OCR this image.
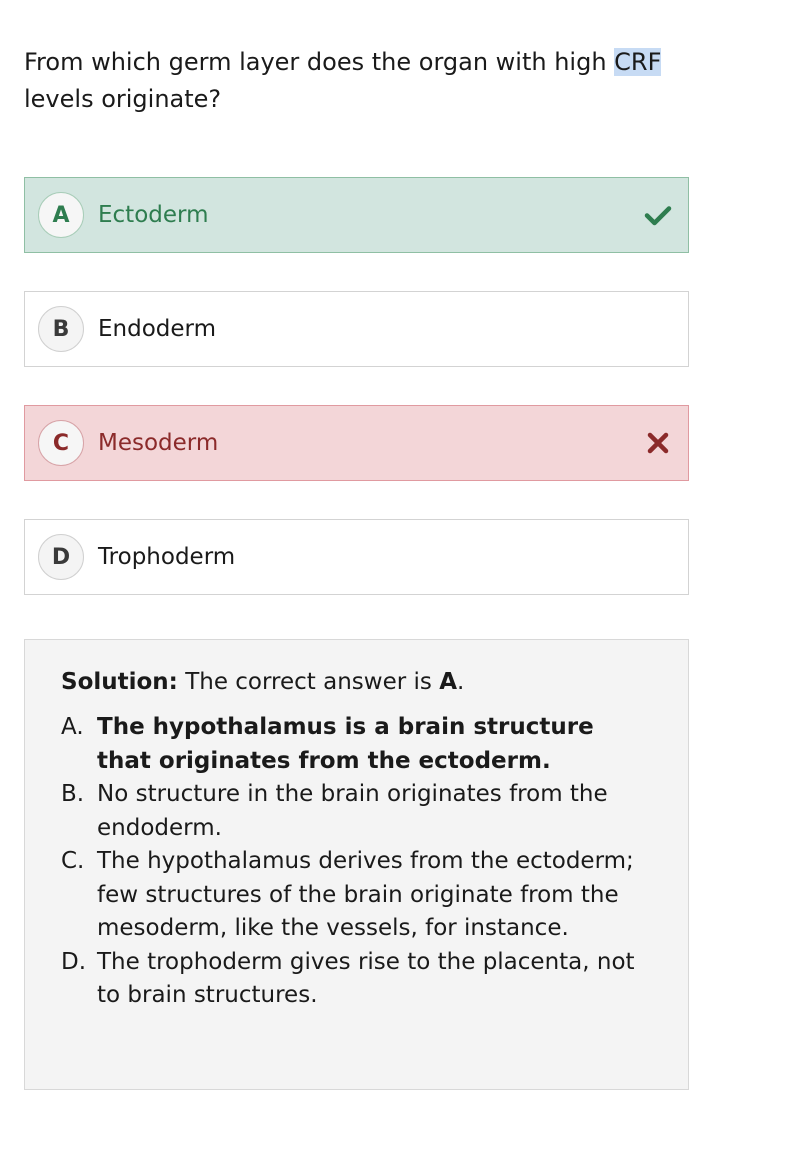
From which germ layer does the organ with high CRF
levels originate?

A	Ectoderm
B	Endoderm
C	Mesoderm
D	Trophoderm

Solution: The correct answer is A.

A. The hypothalamus is a brain structure that originates from the ectoderm.
B. No structure in the brain originates from the endoderm.
C. The hypothalamus derives from the ectoderm; few structures of the brain originate from the mesoderm, like the vessels, for instance.
D. The trophoderm gives rise to the placenta, not to brain structures.
